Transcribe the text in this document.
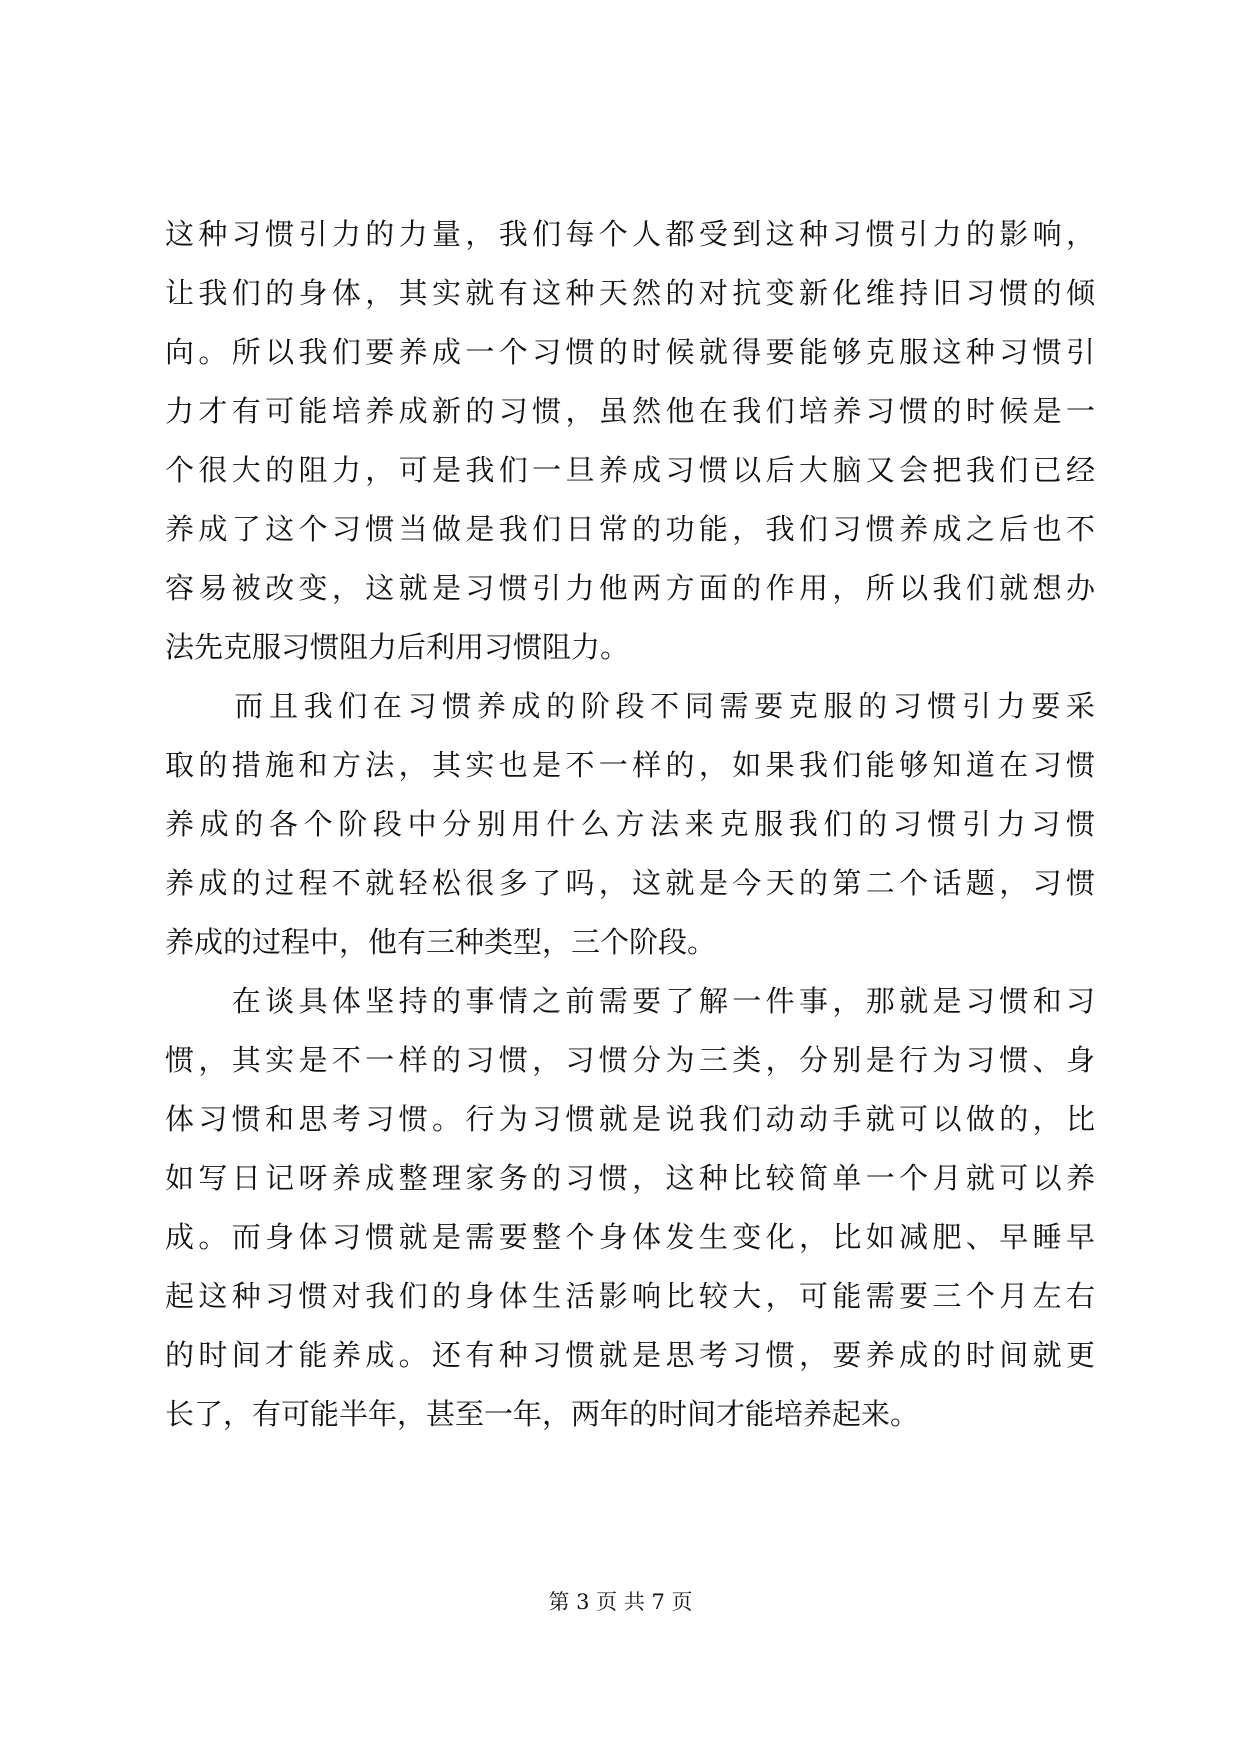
这种习惯引力的力量，我们每个人都受到这种习惯引力的影响，
让我们的身体，其实就有这种天然的对抗变新化维持旧习惯的倾
向。所以我们要养成一个习惯的时候就得要能够克服这种习惯引
力才有可能培养成新的习惯，虽然他在我们培养习惯的时候是一
个很大的阻力，可是我们一旦养成习惯以后大脑又会把我们已经
养成了这个习惯当做是我们日常的功能，我们习惯养成之后也不
容易被改变，这就是习惯引力他两方面的作用，所以我们就想办
法先克服习惯阻力后利用习惯阻力。
　　而且我们在习惯养成的阶段不同需要克服的习惯引力要采
取的措施和方法，其实也是不一样的，如果我们能够知道在习惯
养成的各个阶段中分别用什么方法来克服我们的习惯引力习惯
养成的过程不就轻松很多了吗，这就是今天的第二个话题，习惯
养成的过程中，他有三种类型，三个阶段。
　　在谈具体坚持的事情之前需要了解一件事，那就是习惯和习
惯，其实是不一样的习惯，习惯分为三类，分别是行为习惯、身
体习惯和思考习惯。行为习惯就是说我们动动手就可以做的，比
如写日记呀养成整理家务的习惯，这种比较简单一个月就可以养
成。而身体习惯就是需要整个身体发生变化，比如减肥、早睡早
起这种习惯对我们的身体生活影响比较大，可能需要三个月左右
的时间才能养成。还有种习惯就是思考习惯，要养成的时间就更
长了，有可能半年，甚至一年，两年的时间才能培养起来。
第 3 页 共 7 页
